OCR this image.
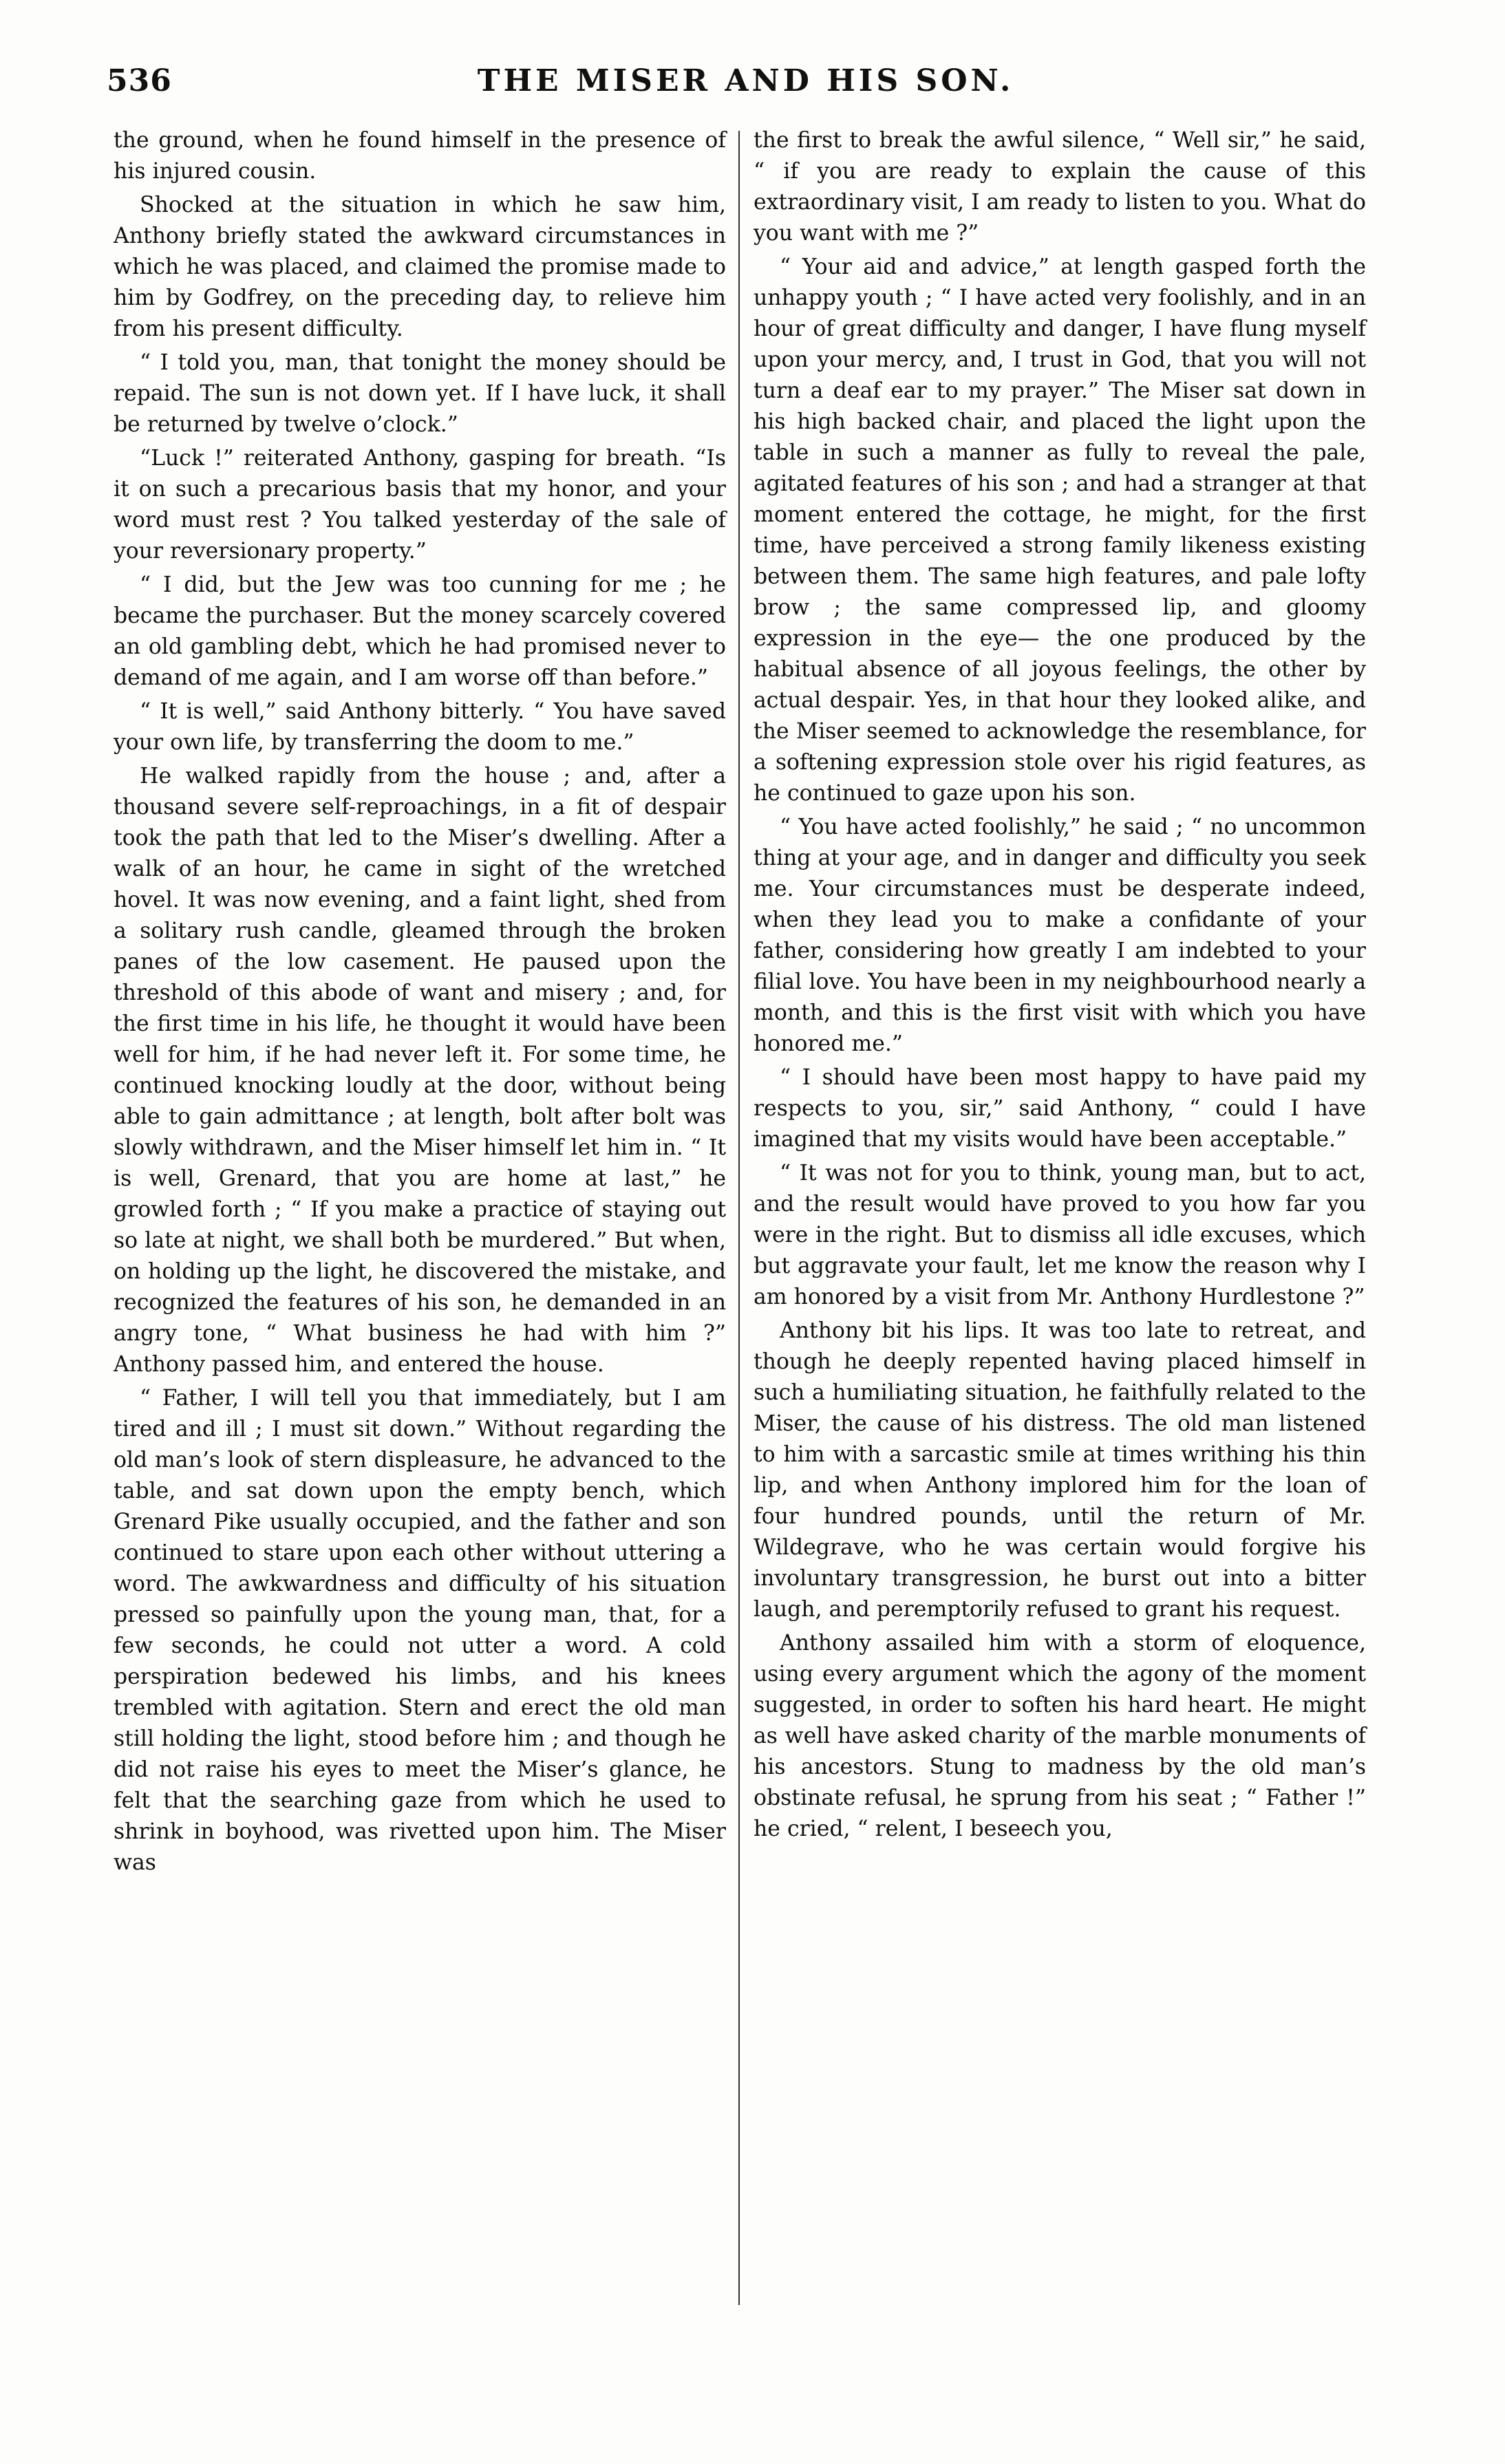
536	THE MISER AND HIS SON.

the ground, when he found himself in the presence of his injured cousin.

Shocked at the situation in which he saw him, Anthony briefly stated the awkward circumstances in which he was placed, and claimed the promise made to him by Godfrey, on the preceding day, to relieve him from his present difficulty.

“ I told you, man, that tonight the money should be repaid. The sun is not down yet. If I have luck, it shall be returned by twelve o’clock.”

“Luck !” reiterated Anthony, gasping for breath. “Is it on such a precarious basis that my honor, and your word must rest ? You talked yesterday of the sale of your reversionary property.”

“ I did, but the Jew was too cunning for me ; he became the purchaser. But the money scarcely covered an old gambling debt, which he had promised never to demand of me again, and I am worse off than before.”

“ It is well,” said Anthony bitterly. “ You have saved your own life, by transferring the doom to me.”

He walked rapidly from the house ; and, after a thousand severe self-reproachings, in a fit of despair took the path that led to the Miser’s dwelling. After a walk of an hour, he came in sight of the wretched hovel. It was now evening, and a faint light, shed from a solitary rush candle, gleamed through the broken panes of the low casement. He paused upon the threshold of this abode of want and misery ; and, for the first time in his life, he thought it would have been well for him, if he had never left it. For some time, he continued knocking loudly at the door, without being able to gain admittance ; at length, bolt after bolt was slowly withdrawn, and the Miser himself let him in. “ It is well, Grenard, that you are home at last,” he growled forth ; “ If you make a practice of staying out so late at night, we shall both be murdered.” But when, on holding up the light, he discovered the mistake, and recognized the features of his son, he demanded in an angry tone, “ What business he had with him ?” Anthony passed him, and entered the house.

“ Father, I will tell you that immediately, but I am tired and ill ; I must sit down.” Without regarding the old man’s look of stern displeasure, he advanced to the table, and sat down upon the empty bench, which Grenard Pike usually occupied, and the father and son continued to stare upon each other without uttering a word. The awkwardness and difficulty of his situation pressed so painfully upon the young man, that, for a few seconds, he could not utter a word. A cold perspiration bedewed his limbs, and his knees trembled with agitation. Stern and erect the old man still holding the light, stood before him ; and though he did not raise his eyes to meet the Miser’s glance, he felt that the searching gaze from which he used to shrink in boyhood, was rivetted upon him. The Miser was

the first to break the awful silence, “ Well sir,” he said, “ if you are ready to explain the cause of this extraordinary visit, I am ready to listen to you. What do you want with me ?”

“ Your aid and advice,” at length gasped forth the unhappy youth ; “ I have acted very foolishly, and in an hour of great difficulty and danger, I have flung myself upon your mercy, and, I trust in God, that you will not turn a deaf ear to my prayer.” The Miser sat down in his high backed chair, and placed the light upon the table in such a manner as fully to reveal the pale, agitated features of his son ; and had a stranger at that moment entered the cottage, he might, for the first time, have perceived a strong family likeness existing between them. The same high features, and pale lofty brow ; the same compressed lip, and gloomy expression in the eye— the one produced by the habitual absence of all joyous feelings, the other by actual despair. Yes, in that hour they looked alike, and the Miser seemed to acknowledge the resemblance, for a softening expression stole over his rigid features, as he continued to gaze upon his son.

“ You have acted foolishly,” he said ; “ no uncommon thing at your age, and in danger and difficulty you seek me. Your circumstances must be desperate indeed, when they lead you to make a confidante of your father, considering how greatly I am indebted to your filial love. You have been in my neighbourhood nearly a month, and this is the first visit with which you have honored me.”

“ I should have been most happy to have paid my respects to you, sir,” said Anthony, “ could I have imagined that my visits would have been acceptable.”

“ It was not for you to think, young man, but to act, and the result would have proved to you how far you were in the right. But to dismiss all idle excuses, which but aggravate your fault, let me know the reason why I am honored by a visit from Mr. Anthony Hurdlestone ?”

Anthony bit his lips. It was too late to retreat, and though he deeply repented having placed himself in such a humiliating situation, he faithfully related to the Miser, the cause of his distress. The old man listened to him with a sarcastic smile at times writhing his thin lip, and when Anthony implored him for the loan of four hundred pounds, until the return of Mr. Wildegrave, who he was certain would forgive his involuntary transgression, he burst out into a bitter laugh, and peremptorily refused to grant his request.

Anthony assailed him with a storm of eloquence, using every argument which the agony of the moment suggested, in order to soften his hard heart. He might as well have asked charity of the marble monuments of his ancestors. Stung to madness by the old man’s obstinate refusal, he sprung from his seat ; “ Father !” he cried, “ relent, I beseech you,
